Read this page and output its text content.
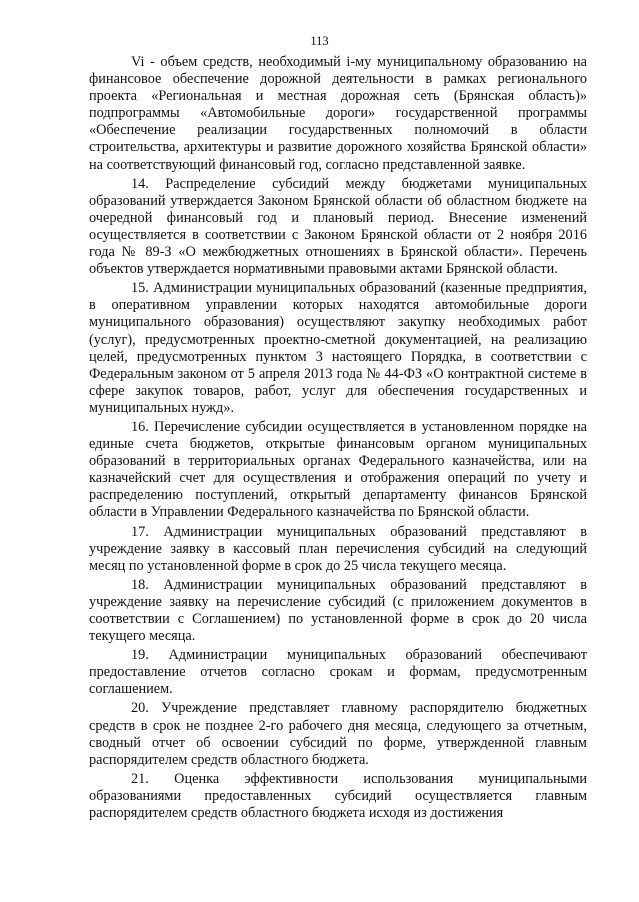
113

Vi - объем средств, необходимый i-му муниципальному образованию на финансовое обеспечение дорожной деятельности в рамках регионального проекта «Региональная и местная дорожная сеть (Брянская область)» подпрограммы «Автомобильные дороги» государственной программы «Обеспечение реализации государственных полномочий в области строительства, архитектуры и развитие дорожного хозяйства Брянской области» на соответствующий финансовый год, согласно представленной заявке.

14. Распределение субсидий между бюджетами муниципальных образований утверждается Законом Брянской области об областном бюджете на очередной финансовый год и плановый период. Внесение изменений осуществляется в соответствии с Законом Брянской области от 2 ноября 2016 года № 89-З «О межбюджетных отношениях в Брянской области». Перечень объектов утверждается нормативными правовыми актами Брянской области.

15. Администрации муниципальных образований (казенные предприятия, в оперативном управлении которых находятся автомобильные дороги муниципального образования) осуществляют закупку необходимых работ (услуг), предусмотренных проектно-сметной документацией, на реализацию целей, предусмотренных пунктом 3 настоящего Порядка, в соответствии с Федеральным законом от 5 апреля 2013 года № 44-ФЗ «О контрактной системе в сфере закупок товаров, работ, услуг для обеспечения государственных и муниципальных нужд».

16. Перечисление субсидии осуществляется в установленном порядке на единые счета бюджетов, открытые финансовым органом муниципальных образований в территориальных органах Федерального казначейства, или на казначейский счет для осуществления и отображения операций по учету и распределению поступлений, открытый департаменту финансов Брянской области в Управлении Федерального казначейства по Брянской области.

17. Администрации муниципальных образований представляют в учреждение заявку в кассовый план перечисления субсидий на следующий месяц по установленной форме в срок до 25 числа текущего месяца.

18. Администрации муниципальных образований представляют в учреждение заявку на перечисление субсидий (с приложением документов в соответствии с Соглашением) по установленной форме в срок до 20 числа текущего месяца.

19. Администрации муниципальных образований обеспечивают предоставление отчетов согласно срокам и формам, предусмотренным соглашением.

20. Учреждение представляет главному распорядителю бюджетных средств в срок не позднее 2-го рабочего дня месяца, следующего за отчетным, сводный отчет об освоении субсидий по форме, утвержденной главным распорядителем средств областного бюджета.

21. Оценка эффективности использования муниципальными образованиями предоставленных субсидий осуществляется главным распорядителем средств областного бюджета исходя из достижения
